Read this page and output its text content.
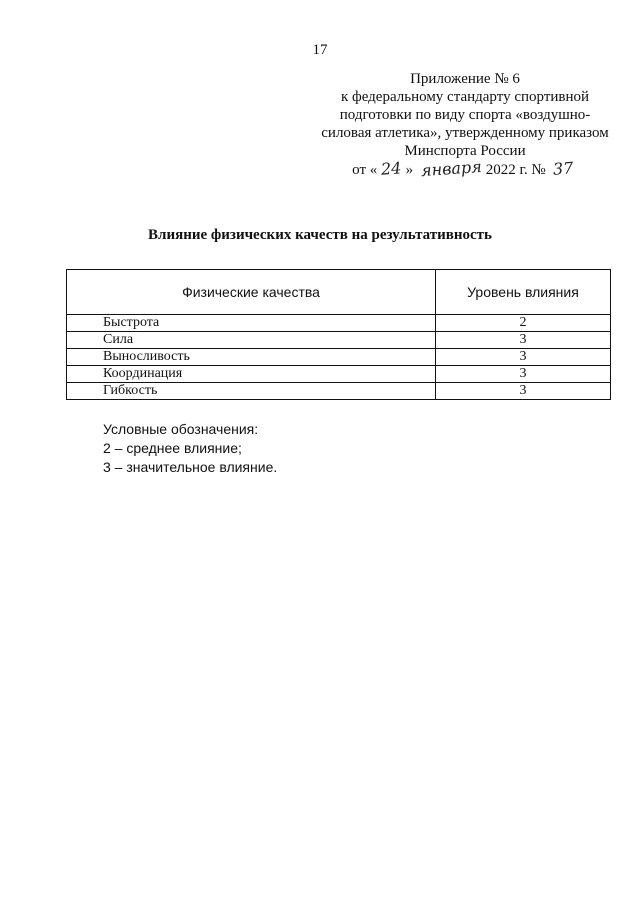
17
Приложение № 6
к федеральному стандарту спортивной
подготовки по виду спорта «воздушно-
силовая атлетика», утвержденному приказом
Минспорта России
от « 24 » января 2022 г. № 37
Влияние физических качеств на результативность
Физические качества	Уровень влияния
Быстрота	2
Сила	3
Выносливость	3
Координация	3
Гибкость	3
Условные обозначения:
2 – среднее влияние;
3 – значительное влияние.
